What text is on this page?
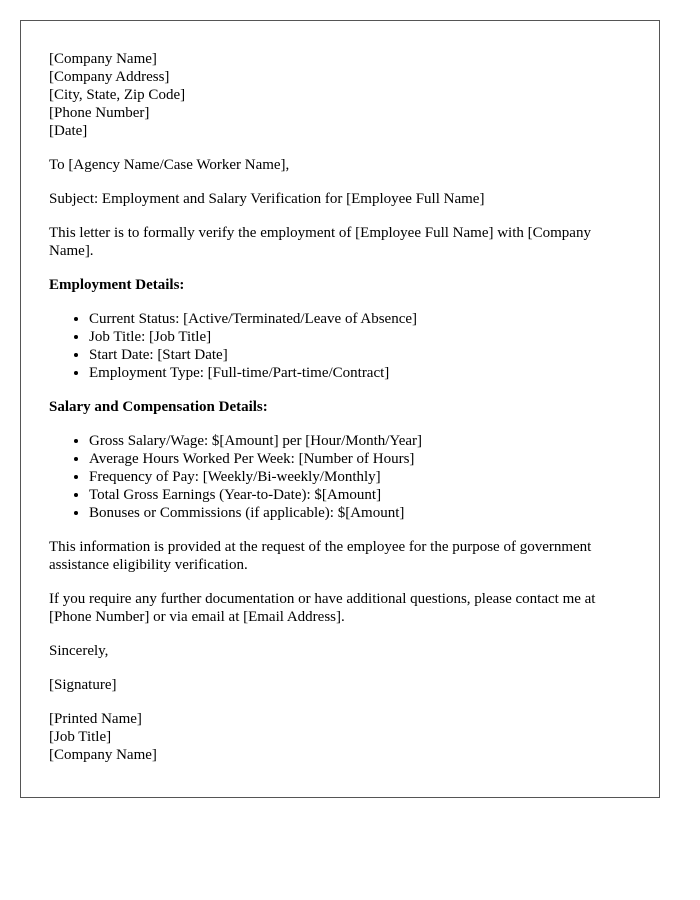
[Company Name]
[Company Address]
[City, State, Zip Code]
[Phone Number]
[Date]

To [Agency Name/Case Worker Name],

Subject: Employment and Salary Verification for [Employee Full Name]

This letter is to formally verify the employment of [Employee Full Name] with [Company Name].

Employment Details:

• Current Status: [Active/Terminated/Leave of Absence]
• Job Title: [Job Title]
• Start Date: [Start Date]
• Employment Type: [Full-time/Part-time/Contract]

Salary and Compensation Details:

• Gross Salary/Wage: $[Amount] per [Hour/Month/Year]
• Average Hours Worked Per Week: [Number of Hours]
• Frequency of Pay: [Weekly/Bi-weekly/Monthly]
• Total Gross Earnings (Year-to-Date): $[Amount]
• Bonuses or Commissions (if applicable): $[Amount]

This information is provided at the request of the employee for the purpose of government assistance eligibility verification.

If you require any further documentation or have additional questions, please contact me at [Phone Number] or via email at [Email Address].

Sincerely,

[Signature]

[Printed Name]
[Job Title]
[Company Name]
